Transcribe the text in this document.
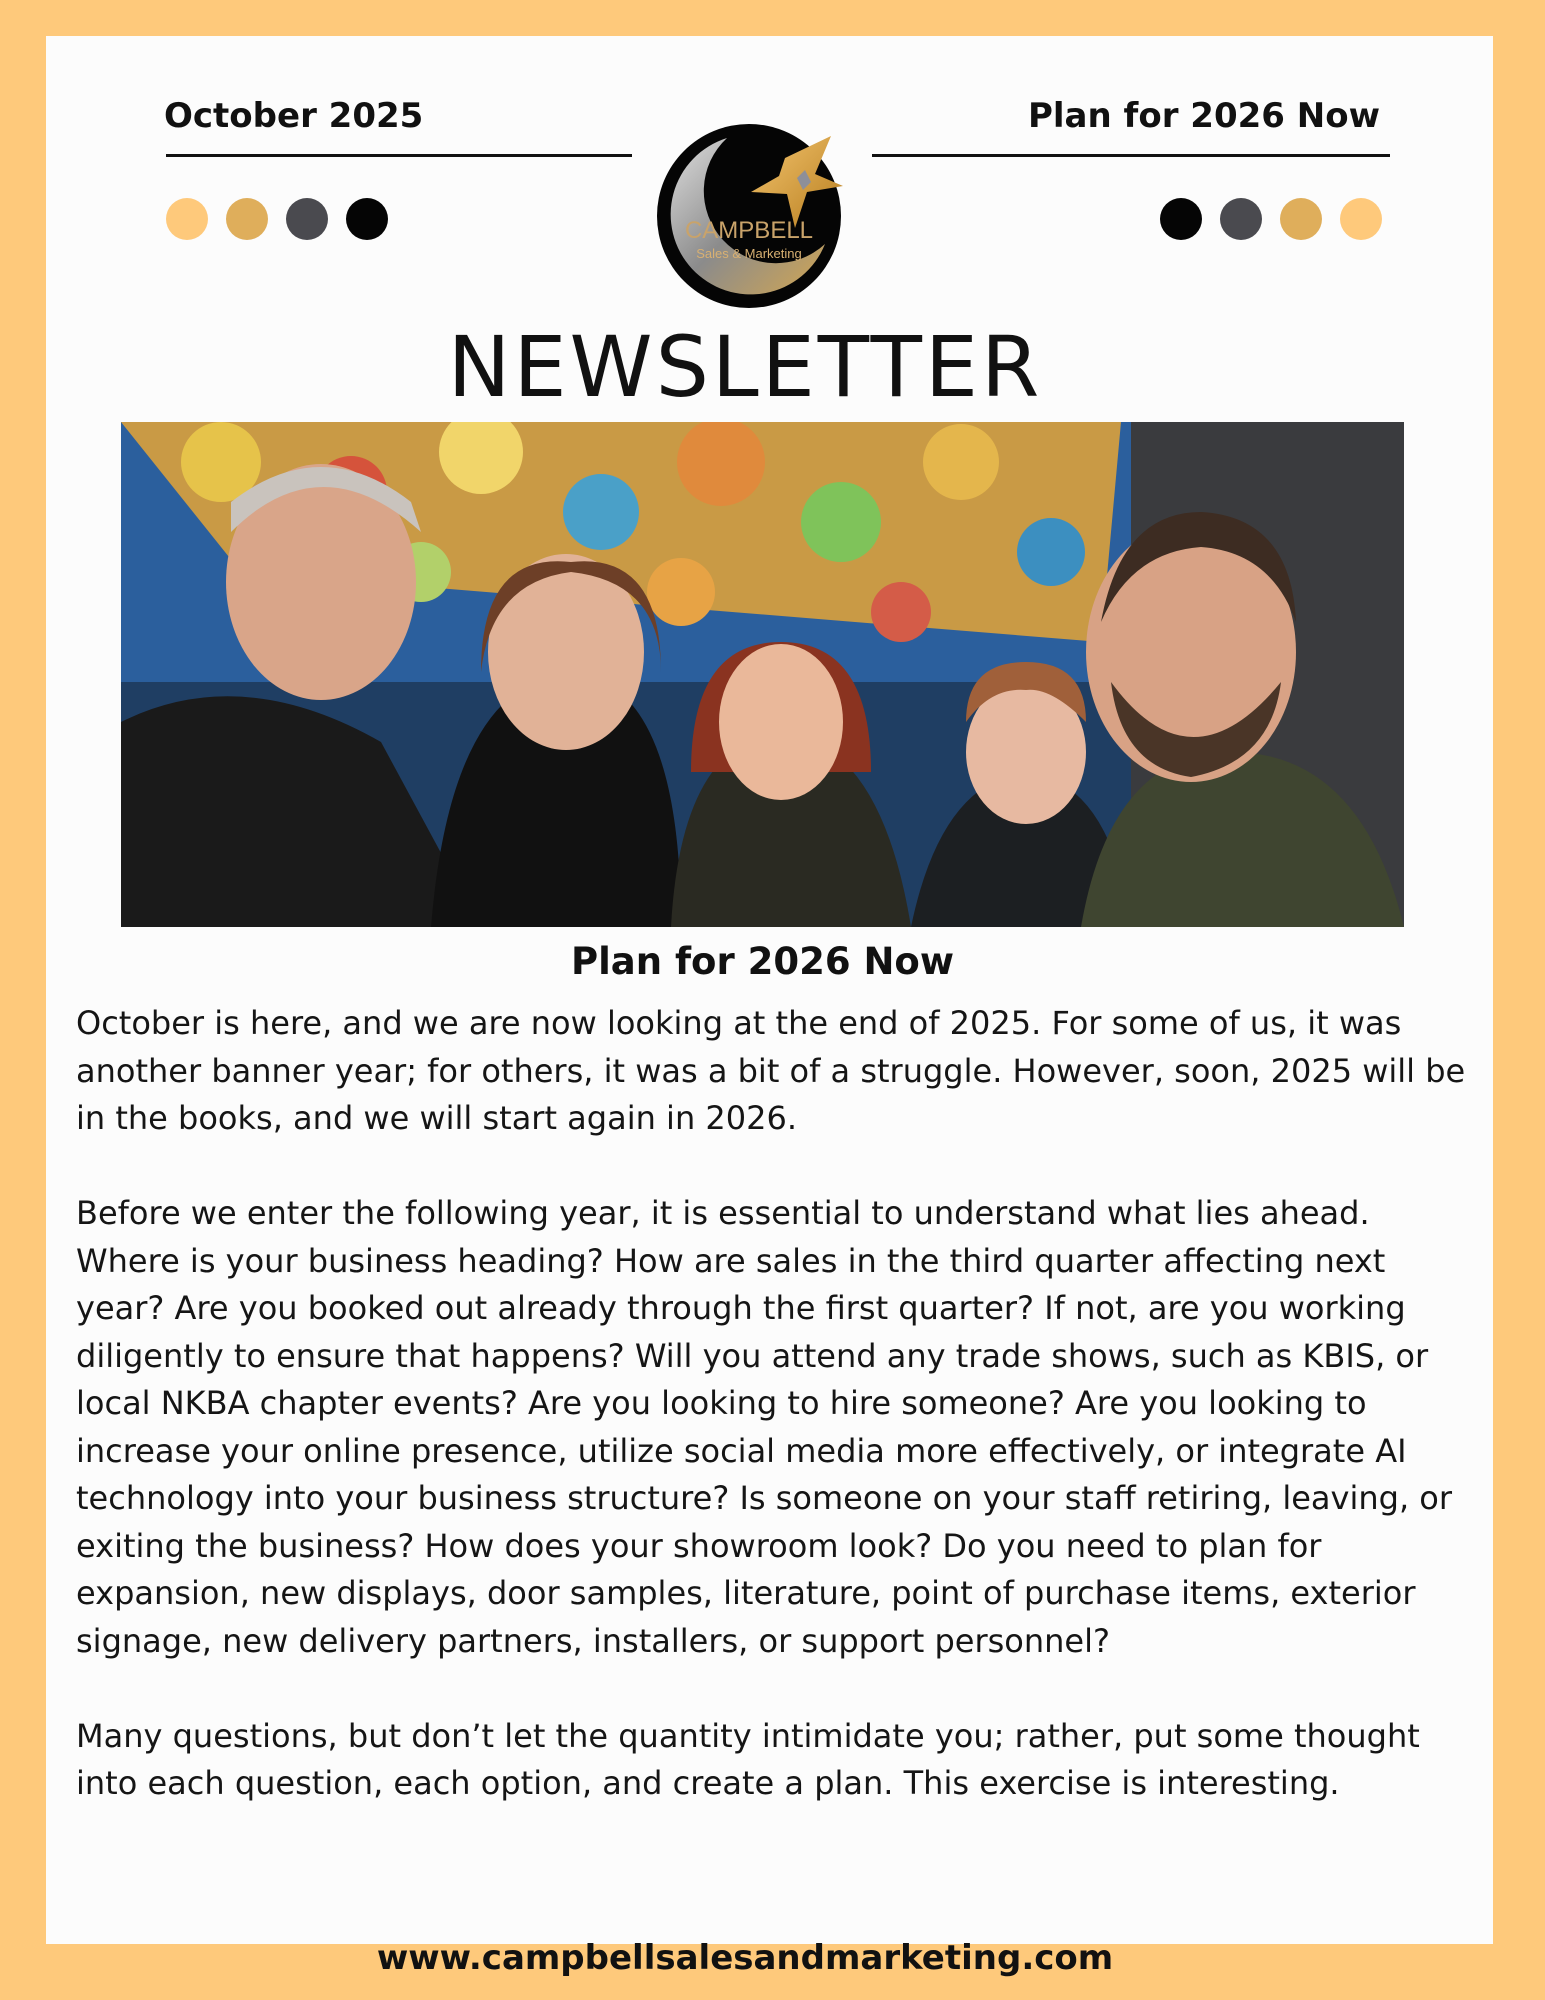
October 2025	Plan for 2026 Now
CAMPBELL
Sales & Marketing
NEWSLETTER
Plan for 2026 Now

October is here, and we are now looking at the end of 2025. For some of us, it was another banner year; for others, it was a bit of a struggle. However, soon, 2025 will be in the books, and we will start again in 2026.

Before we enter the following year, it is essential to understand what lies ahead. Where is your business heading? How are sales in the third quarter affecting next year? Are you booked out already through the first quarter? If not, are you working diligently to ensure that happens? Will you attend any trade shows, such as KBIS, or local NKBA chapter events? Are you looking to hire someone? Are you looking to increase your online presence, utilize social media more effectively, or integrate AI technology into your business structure? Is someone on your staff retiring, leaving, or exiting the business? How does your showroom look? Do you need to plan for expansion, new displays, door samples, literature, point of purchase items, exterior signage, new delivery partners, installers, or support personnel?

Many questions, but don’t let the quantity intimidate you; rather, put some thought into each question, each option, and create a plan. This exercise is interesting.

www.campbellsalesandmarketing.com
